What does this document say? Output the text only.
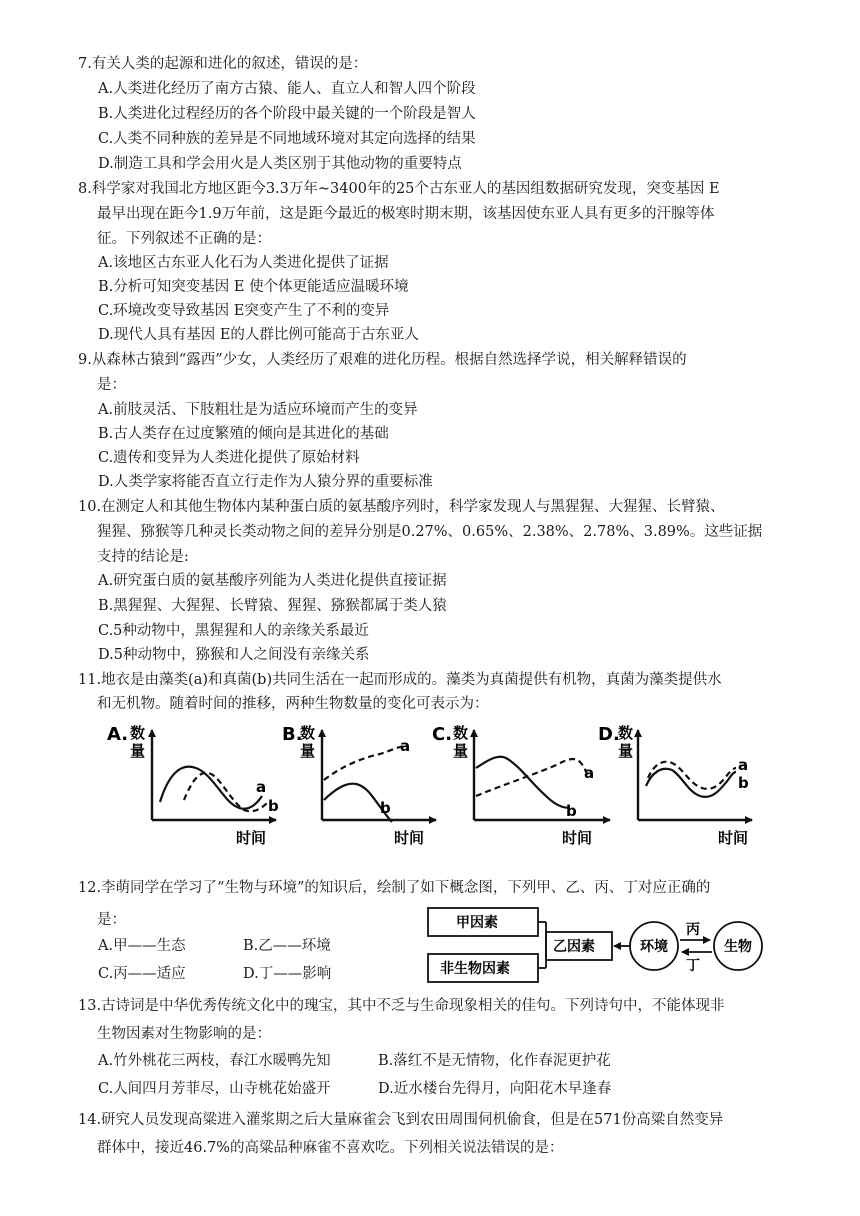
7.有关人类的起源和进化的叙述，错误的是：
A.人类进化经历了南方古猿、能人、直立人和智人四个阶段
B.人类进化过程经历的各个阶段中最关键的一个阶段是智人
C.人类不同种族的差异是不同地域环境对其定向选择的结果
D.制造工具和学会用火是人类区别于其他动物的重要特点
8.科学家对我国北方地区距今3.3万年~3400年的25个古东亚人的基因组数据研究发现，突变基因 E
最早出现在距今1.9万年前，这是距今最近的极寒时期末期，该基因使东亚人具有更多的汗腺等体
征。下列叙述不正确的是：
A.该地区古东亚人化石为人类进化提供了证据
B.分析可知突变基因 E 使个体更能适应温暖环境
C.环境改变导致基因 E突变产生了不利的变异
D.现代人具有基因 E的人群比例可能高于古东亚人
9.从森林古猿到“露西”少女，人类经历了艰难的进化历程。根据自然选择学说，相关解释错误的
是：
A.前肢灵活、下肢粗壮是为适应环境而产生的变异
B.古人类存在过度繁殖的倾向是其进化的基础
C.遗传和变异为人类进化提供了原始材料
D.人类学家将能否直立行走作为人猿分界的重要标准
10.在测定人和其他生物体内某种蛋白质的氨基酸序列时，科学家发现人与黑猩猩、大猩猩、长臂猿、
猩猩、猕猴等几种灵长类动物之间的差异分别是0.27%、0.65%、2.38%、2.78%、3.89%。这些证据
支持的结论是:
A.研究蛋白质的氨基酸序列能为人类进化提供直接证据
B.黑猩猩、大猩猩、长臂猿、猩猩、猕猴都属于类人猿
C.5种动物中，黑猩猩和人的亲缘关系最近
D.5种动物中，猕猴和人之间没有亲缘关系
11.地衣是由藻类(a)和真菌(b)共同生活在一起而形成的。藻类为真菌提供有机物，真菌为藻类提供水
和无机物。随着时间的推移，两种生物数量的变化可表示为：
A. 数
量
a
b
时间
B.
数
量	a
b
时间
C. 数
量
a
b
时间
D.
数
量
a
b
时间
12.李萌同学在学习了“生物与环境”的知识后，绘制了如下概念图，下列甲、乙、丙、丁对应正确的
是：
A.甲——生态	B.乙——环境
C.丙——适应	D.丁——影响
甲因素
非生物因素
乙因素	环境
丙
丁
生物
13.古诗词是中华优秀传统文化中的瑰宝，其中不乏与生命现象相关的佳句。下列诗句中，不能体现非
生物因素对生物影响的是：
A.竹外桃花三两枝，春江水暖鸭先知	B.落红不是无情物，化作春泥更护花
C.人间四月芳菲尽，山寺桃花始盛开	D.近水楼台先得月，向阳花木早逢春
14.研究人员发现高粱进入灌浆期之后大量麻雀会飞到农田周围伺机偷食，但是在571份高粱自然变异
群体中，接近46.7%的高粱品种麻雀不喜欢吃。下列相关说法错误的是：
